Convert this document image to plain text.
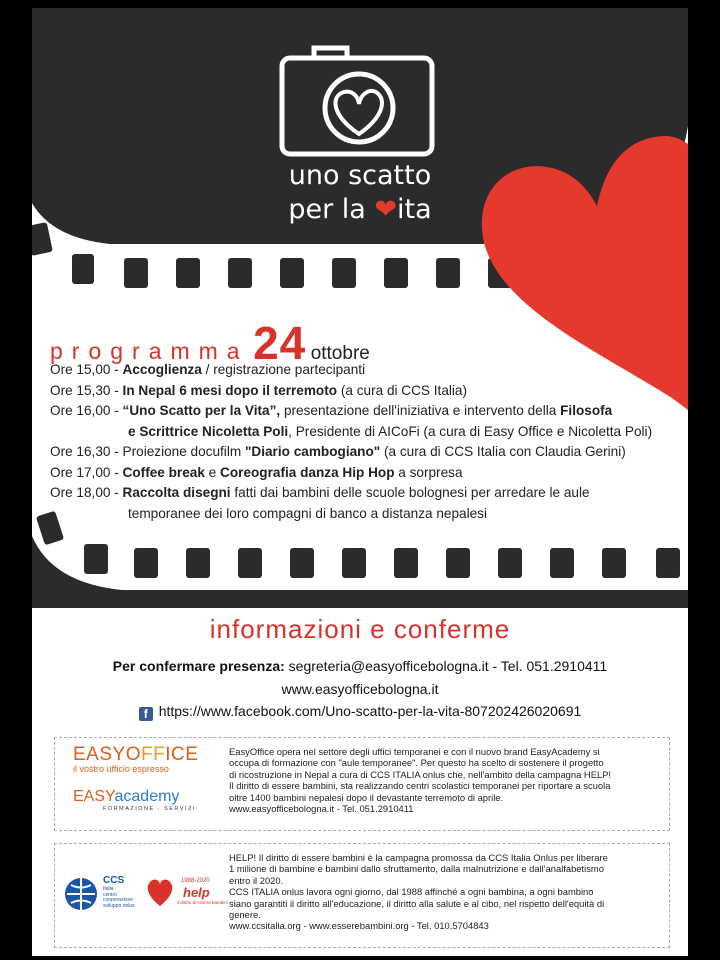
uno scatto
per la ❤ita
programma 24 ottobre
Ore 15,00 - Accoglienza / registrazione partecipanti
Ore 15,30 - In Nepal 6 mesi dopo il terremoto (a cura di CCS Italia)
Ore 16,00 - “Uno Scatto per la Vita”, presentazione dell'iniziativa e intervento della Filosofa
e Scrittrice Nicoletta Poli, Presidente di AICoFi (a cura di Easy Office e Nicoletta Poli)
Ore 16,30 - Proiezione docufilm "Diario cambogiano" (a cura di CCS Italia con Claudia Gerini)
Ore 17,00 - Coffee break e Coreografia danza Hip Hop a sorpresa
Ore 18,00 - Raccolta disegni fatti dai bambini delle scuole bolognesi per arredare le aule
temporanee dei loro compagni di banco a distanza nepalesi
informazioni e conferme
Per confermare presenza: segreteria@easyofficebologna.it - Tel. 051.2910411
www.easyofficebologna.it
f https://www.facebook.com/Uno-scatto-per-la-vita-807202426020691
EASYOFFICE
il vostro ufficio espresso
EASYacademy
FORMAZIONE · SERVIZI
EasyOffice opera nel settore degli uffici temporanei e con il nuovo brand EasyAcademy si
occupa di formazione con "aule temporanee". Per questo ha scelto di sostenere il progetto
di ricostruzione in Nepal a cura di CCS ITALIA onlus che, nell'ambito della campagna HELP!
Il diritto di essere bambini, sta realizzando centri scolastici temporanei per riportare a scuola
oltre 1400 bambini nepalesi dopo il devastante terremoto di aprile.
www.easyofficebologna.it - Tel. 051.2910411
CCS
Italia
centro
cooperazione
sviluppo onlus
1988-2020
help
il diritto di essere bambini
HELP! Il diritto di essere bambini è la campagna promossa da CCS Italia Onlus per liberare
1 milione di bambine e bambini dallo sfruttamento, dalla malnutrizione e dall'analfabetismo
entro il 2020.
CCS ITALIA onlus lavora ogni giorno, dal 1988 affinché a ogni bambina, a ogni bambino
siano garantiti il diritto all'educazione, il diritto alla salute e al cibo, nel rispetto dell'equità di
genere.
www.ccsitalia.org - www.esserebambini.org - Tel. 010.5704843
